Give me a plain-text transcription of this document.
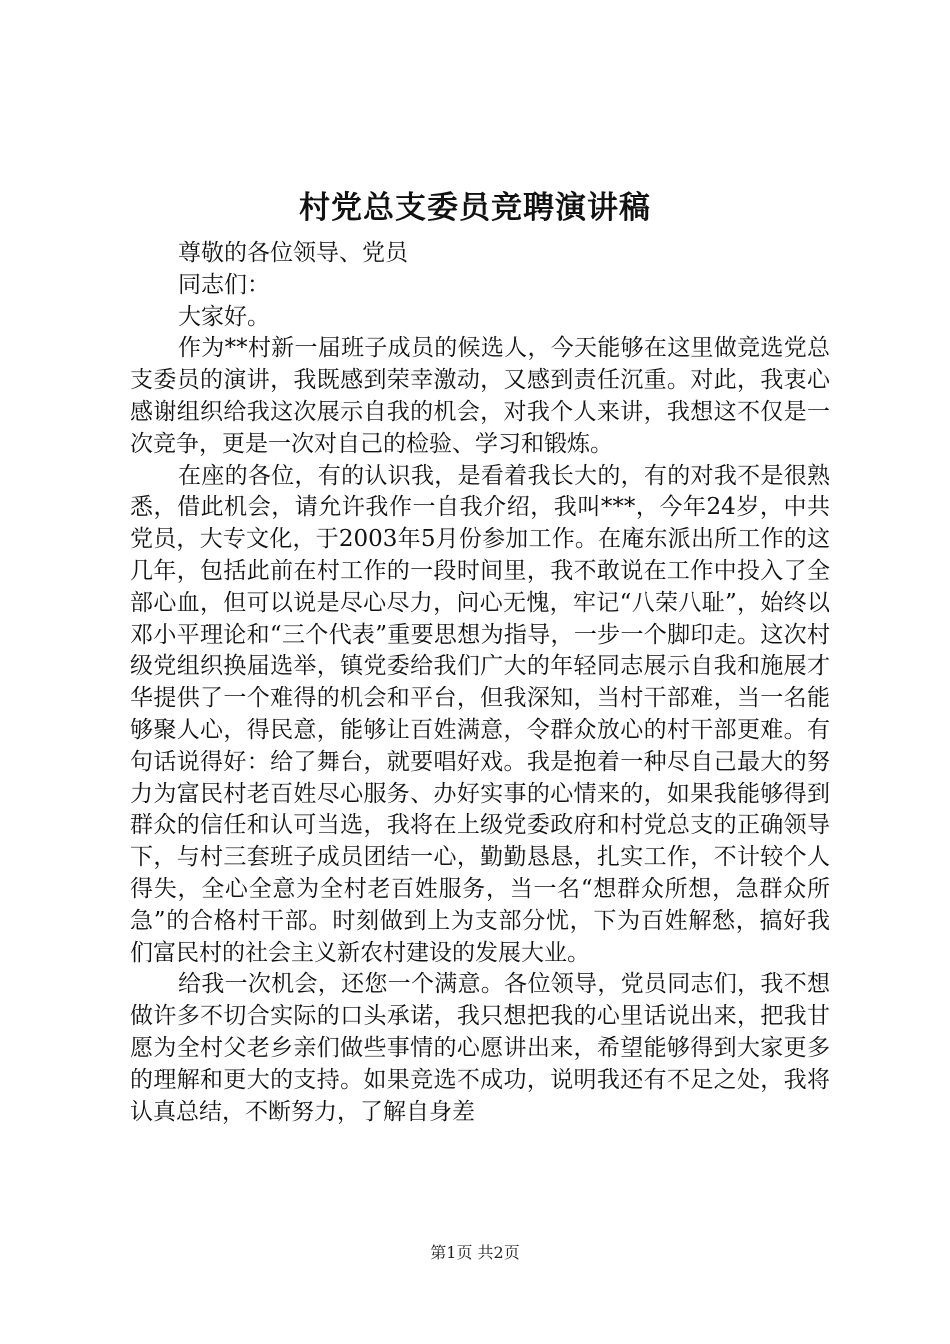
村党总支委员竞聘演讲稿

尊敬的各位领导、党员

同志们：

大家好。

作为**村新一届班子成员的候选人，今天能够在这里做竞选党总支委员的演讲，我既感到荣幸激动，又感到责任沉重。对此，我衷心感谢组织给我这次展示自我的机会，对我个人来讲，我想这不仅是一次竞争，更是一次对自己的检验、学习和锻炼。

在座的各位，有的认识我，是看着我长大的，有的对我不是很熟悉，借此机会，请允许我作一自我介绍，我叫***，今年24岁，中共党员，大专文化，于2003年5月份参加工作。在庵东派出所工作的这几年，包括此前在村工作的一段时间里，我不敢说在工作中投入了全部心血，但可以说是尽心尽力，问心无愧，牢记“八荣八耻”，始终以邓小平理论和“三个代表”重要思想为指导，一步一个脚印走。这次村级党组织换届选举，镇党委给我们广大的年轻同志展示自我和施展才华提供了一个难得的机会和平台，但我深知，当村干部难，当一名能够聚人心，得民意，能够让百姓满意，令群众放心的村干部更难。有句话说得好：给了舞台，就要唱好戏。我是抱着一种尽自己最大的努力为富民村老百姓尽心服务、办好实事的心情来的，如果我能够得到群众的信任和认可当选，我将在上级党委政府和村党总支的正确领导下，与村三套班子成员团结一心，勤勤恳恳，扎实工作，不计较个人得失，全心全意为全村老百姓服务，当一名“想群众所想，急群众所急”的合格村干部。时刻做到上为支部分忧，下为百姓解愁，搞好我们富民村的社会主义新农村建设的发展大业。

给我一次机会，还您一个满意。各位领导，党员同志们，我不想做许多不切合实际的口头承诺，我只想把我的心里话说出来，把我甘愿为全村父老乡亲们做些事情的心愿讲出来，希望能够得到大家更多的理解和更大的支持。如果竞选不成功，说明我还有不足之处，我将认真总结，不断努力，了解自身差

第1页 共2页
